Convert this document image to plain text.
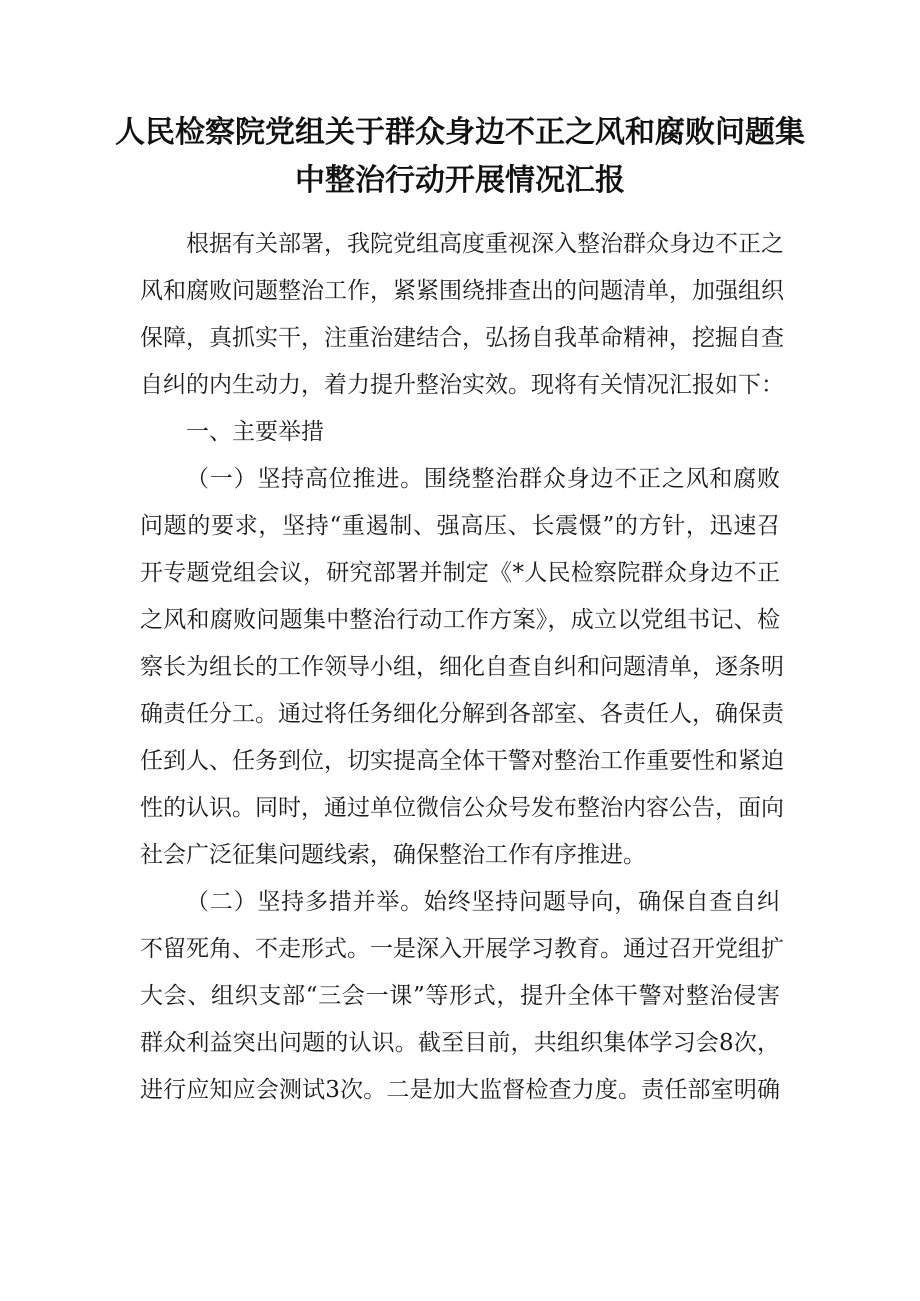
人民检察院党组关于群众身边不正之风和腐败问题集
中整治行动开展情况汇报
根据有关部署，我院党组高度重视深入整治群众身边不正之
风和腐败问题整治工作，紧紧围绕排查出的问题清单，加强组织
保障，真抓实干，注重治建结合，弘扬自我革命精神，挖掘自查
自纠的内生动力，着力提升整治实效。现将有关情况汇报如下：
一、主要举措
（一）坚持高位推进。围绕整治群众身边不正之风和腐败
问题的要求，坚持“重遏制、强高压、长震慑”的方针，迅速召
开专题党组会议，研究部署并制定《*人民检察院群众身边不正
之风和腐败问题集中整治行动工作方案》，成立以党组书记、检
察长为组长的工作领导小组，细化自查自纠和问题清单，逐条明
确责任分工。通过将任务细化分解到各部室、各责任人，确保责
任到人、任务到位，切实提高全体干警对整治工作重要性和紧迫
性的认识。同时，通过单位微信公众号发布整治内容公告，面向
社会广泛征集问题线索，确保整治工作有序推进。
（二）坚持多措并举。始终坚持问题导向，确保自查自纠
不留死角、不走形式。一是深入开展学习教育。通过召开党组扩
大会、组织支部“三会一课”等形式，提升全体干警对整治侵害
群众利益突出问题的认识。截至目前，共组织集体学习会8次，
进行应知应会测试3次。二是加大监督检查力度。责任部室明确
